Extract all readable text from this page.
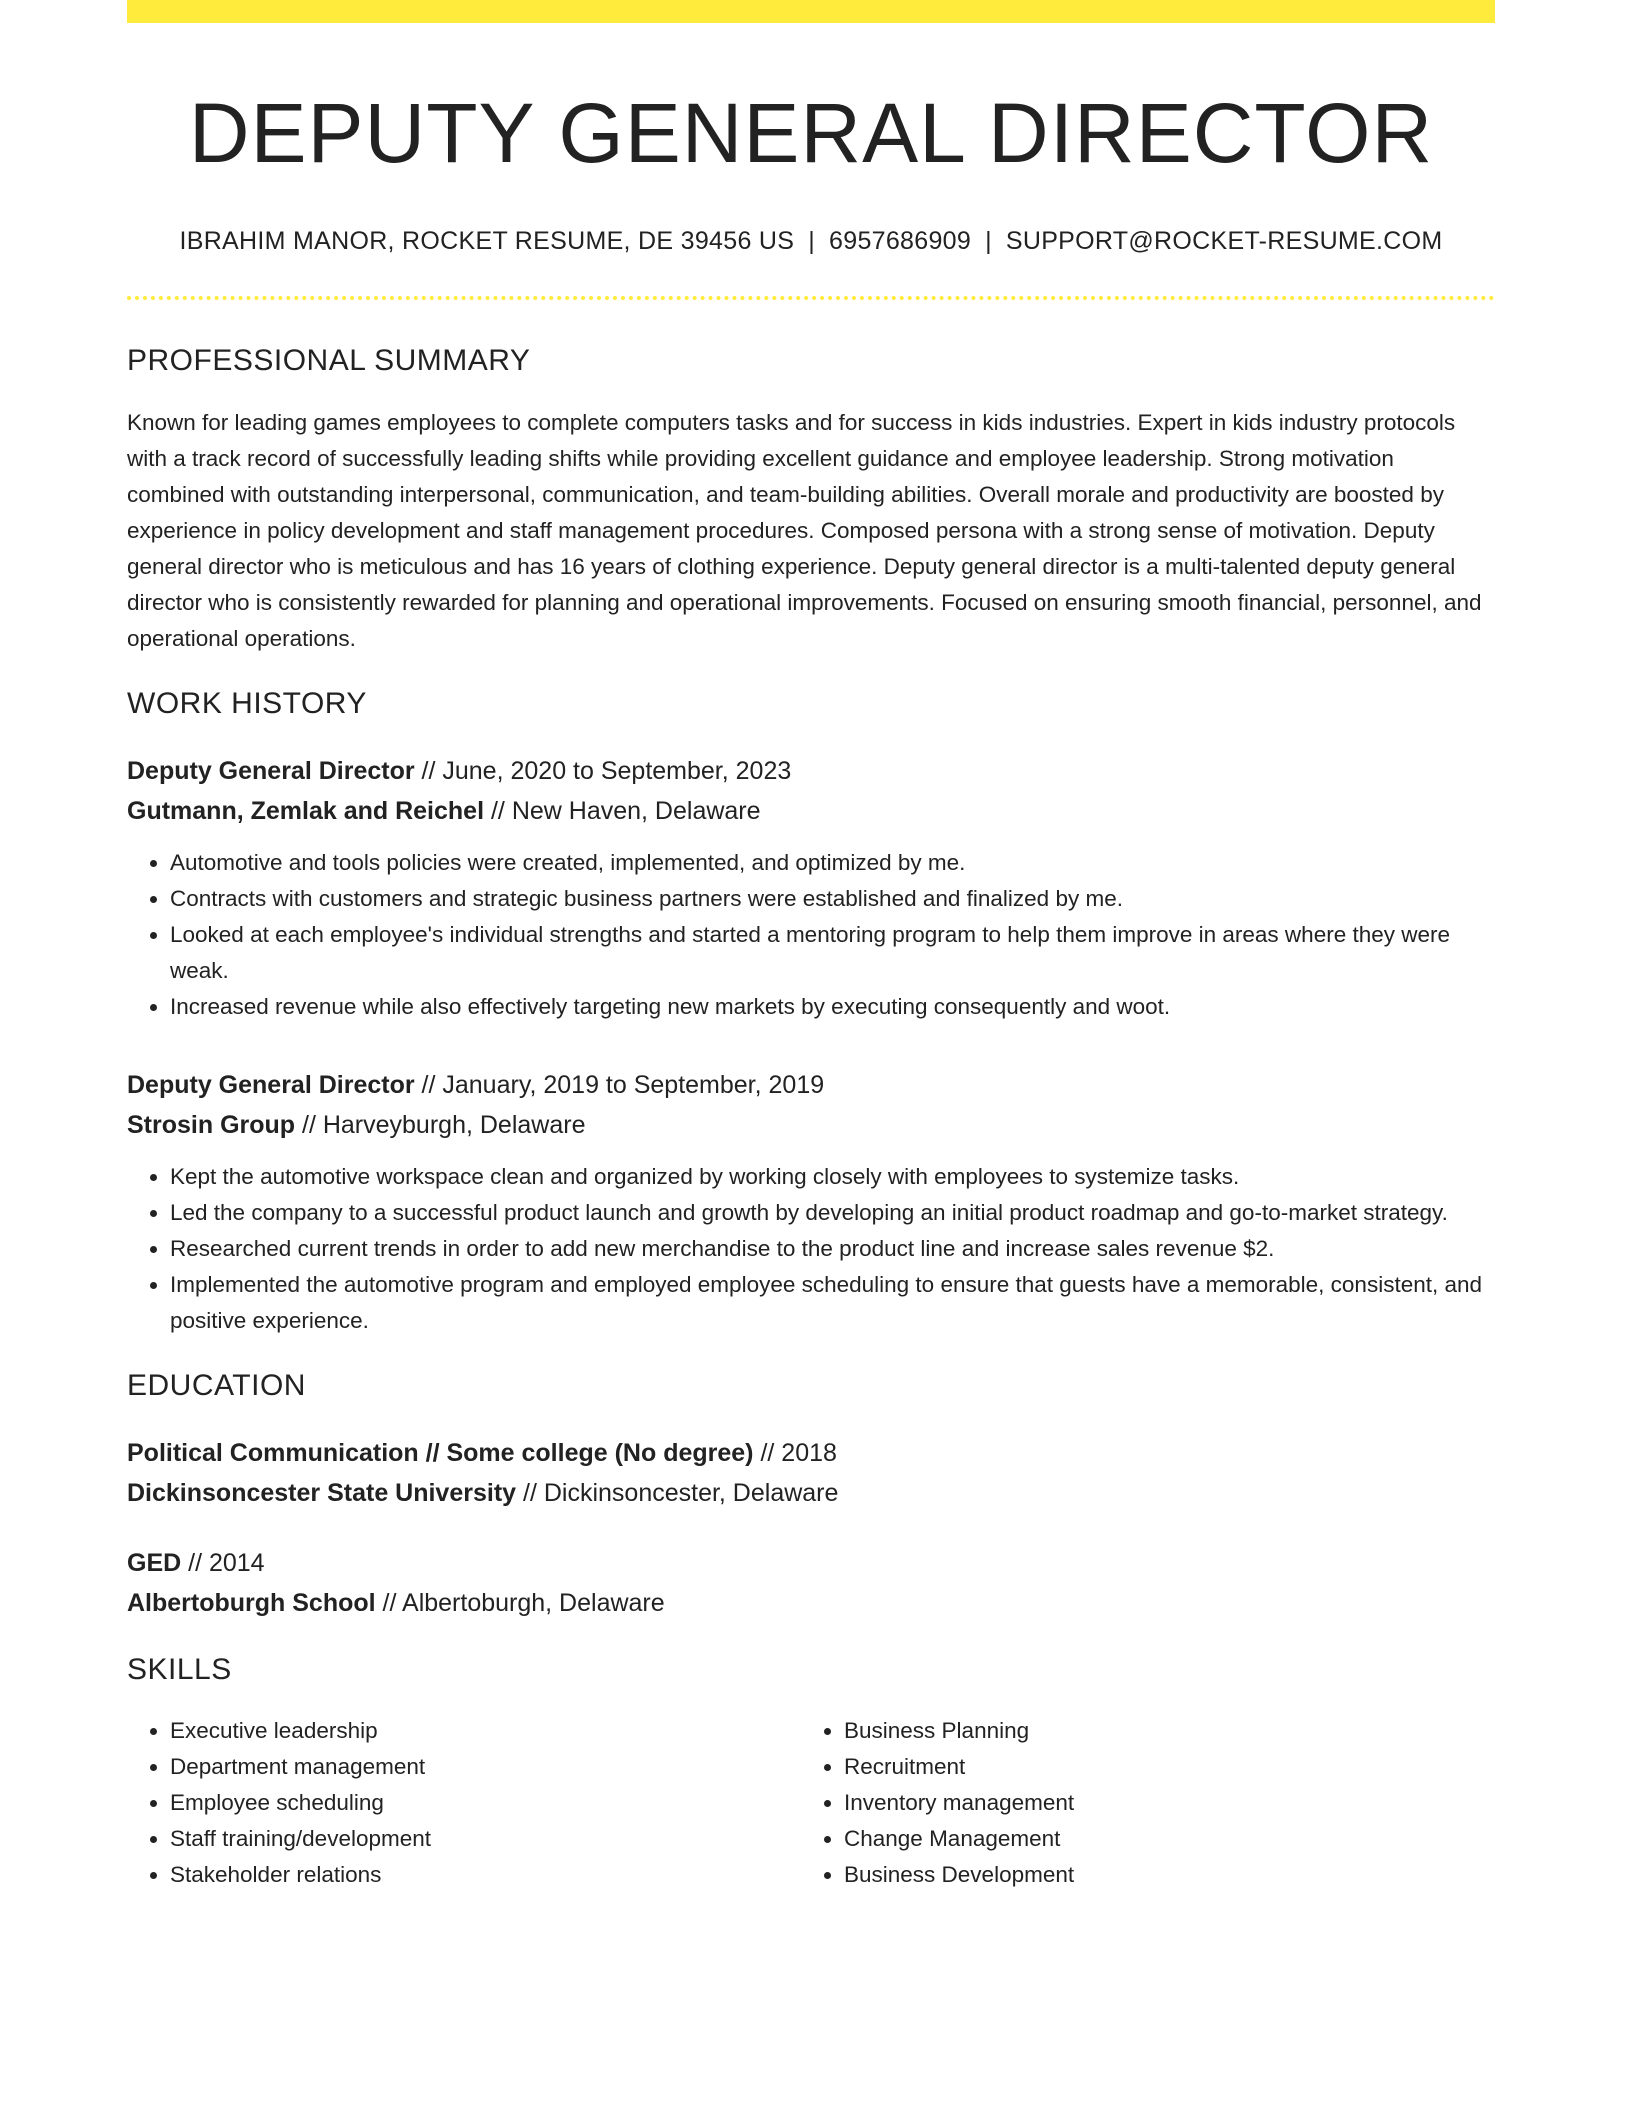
DEPUTY GENERAL DIRECTOR
IBRAHIM MANOR, ROCKET RESUME, DE 39456 US | 6957686909 | SUPPORT@ROCKET-RESUME.COM
PROFESSIONAL SUMMARY
Known for leading games employees to complete computers tasks and for success in kids industries. Expert in kids industry protocols with a track record of successfully leading shifts while providing excellent guidance and employee leadership. Strong motivation combined with outstanding interpersonal, communication, and team-building abilities. Overall morale and productivity are boosted by experience in policy development and staff management procedures. Composed persona with a strong sense of motivation. Deputy general director who is meticulous and has 16 years of clothing experience. Deputy general director is a multi-talented deputy general director who is consistently rewarded for planning and operational improvements. Focused on ensuring smooth financial, personnel, and operational operations.
WORK HISTORY
Deputy General Director // June, 2020 to September, 2023
Gutmann, Zemlak and Reichel // New Haven, Delaware
• Automotive and tools policies were created, implemented, and optimized by me.
• Contracts with customers and strategic business partners were established and finalized by me.
• Looked at each employee's individual strengths and started a mentoring program to help them improve in areas where they were weak.
• Increased revenue while also effectively targeting new markets by executing consequently and woot.
Deputy General Director // January, 2019 to September, 2019
Strosin Group // Harveyburgh, Delaware
• Kept the automotive workspace clean and organized by working closely with employees to systemize tasks.
• Led the company to a successful product launch and growth by developing an initial product roadmap and go-to-market strategy.
• Researched current trends in order to add new merchandise to the product line and increase sales revenue $2.
• Implemented the automotive program and employed employee scheduling to ensure that guests have a memorable, consistent, and positive experience.
EDUCATION
Political Communication // Some college (No degree) // 2018
Dickinsoncester State University // Dickinsoncester, Delaware
GED // 2014
Albertoburgh School // Albertoburgh, Delaware
SKILLS
• Executive leadership
• Department management
• Employee scheduling
• Staff training/development
• Stakeholder relations
• Business Planning
• Recruitment
• Inventory management
• Change Management
• Business Development
